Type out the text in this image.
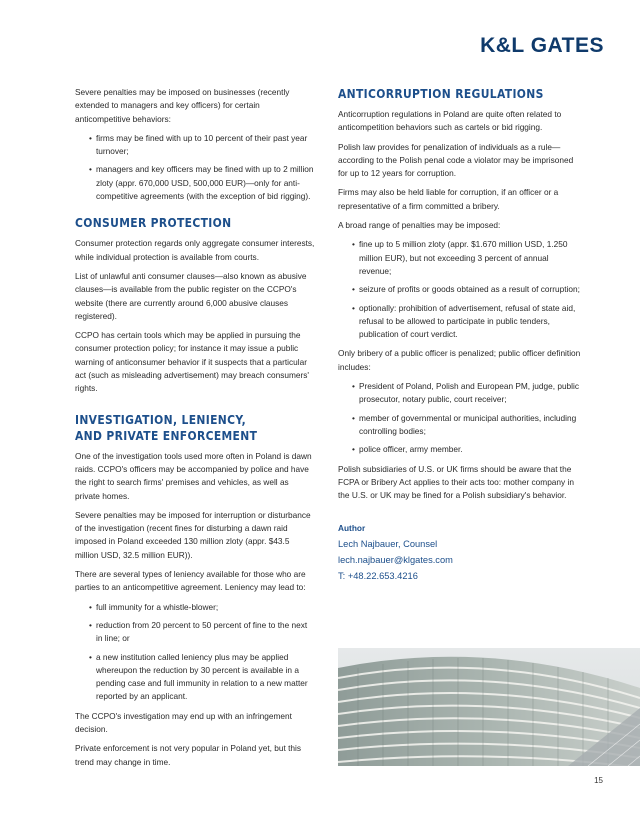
K&L GATES

Severe penalties may be imposed on businesses (recently extended to managers and key officers) for certain anticompetitive behaviors:

• firms may be fined with up to 10 percent of their past year turnover;
• managers and key officers may be fined with up to 2 million zloty (appr. 670,000 USD, 500,000 EUR)—only for anti-competitive agreements (with the exception of bid rigging).
CONSUMER PROTECTION

Consumer protection regards only aggregate consumer interests, while individual protection is available from courts.

List of unlawful anti consumer clauses—also known as abusive clauses—is available from the public register on the CCPO's website (there are currently around 6,000 abusive clauses registered).

CCPO has certain tools which may be applied in pursuing the consumer protection policy; for instance it may issue a public warning of anticonsumer behavior if it suspects that a particular act (such as misleading advertisement) may breach consumers' rights.

INVESTIGATION, LENIENCY,
AND PRIVATE ENFORCEMENT

One of the investigation tools used more often in Poland is dawn raids. CCPO's officers may be accompanied by police and have the right to search firms' premises and vehicles, as well as private homes.

Severe penalties may be imposed for interruption or disturbance of the investigation (recent fines for disturbing a dawn raid imposed in Poland exceeded 130 million zloty (appr. $43.5 million USD, 32.5 million EUR)).

There are several types of leniency available for those who are parties to an anticompetitive agreement. Leniency may lead to:

• full immunity for a whistle-blower;
• reduction from 20 percent to 50 percent of fine to the next in line; or
• a new institution called leniency plus may be applied whereupon the reduction by 30 percent is available in a pending case and full immunity in relation to a new matter reported by an applicant.

The CCPO's investigation may end up with an infringement decision.

Private enforcement is not very popular in Poland yet, but this trend may change in time.

ANTICORRUPTION REGULATIONS

Anticorruption regulations in Poland are quite often related to anticompetition behaviors such as cartels or bid rigging.

Polish law provides for penalization of individuals as a rule—according to the Polish penal code a violator may be imprisoned for up to 12 years for corruption.

Firms may also be held liable for corruption, if an officer or a representative of a firm committed a bribery.

A broad range of penalties may be imposed:

• fine up to 5 million zloty (appr. $1.670 million USD, 1.250 million EUR), but not exceeding 3 percent of annual revenue;
• seizure of profits or goods obtained as a result of corruption;
• optionally: prohibition of advertisement, refusal of state aid, refusal to be allowed to participate in public tenders, publication of court verdict.

Only bribery of a public officer is penalized; public officer definition includes:

• President of Poland, Polish and European PM, judge, public prosecutor, notary public, court receiver;
• member of governmental or municipal authorities, including controlling bodies;
• police officer, army member.

Polish subsidiaries of U.S. or UK firms should be aware that the FCPA or Bribery Act applies to their acts too: mother company in the U.S. or UK may be fined for a Polish subsidiary's behavior.

Author
Lech Najbauer, Counsel
lech.najbauer@klgates.com
T: +48.22.653.4216
15
